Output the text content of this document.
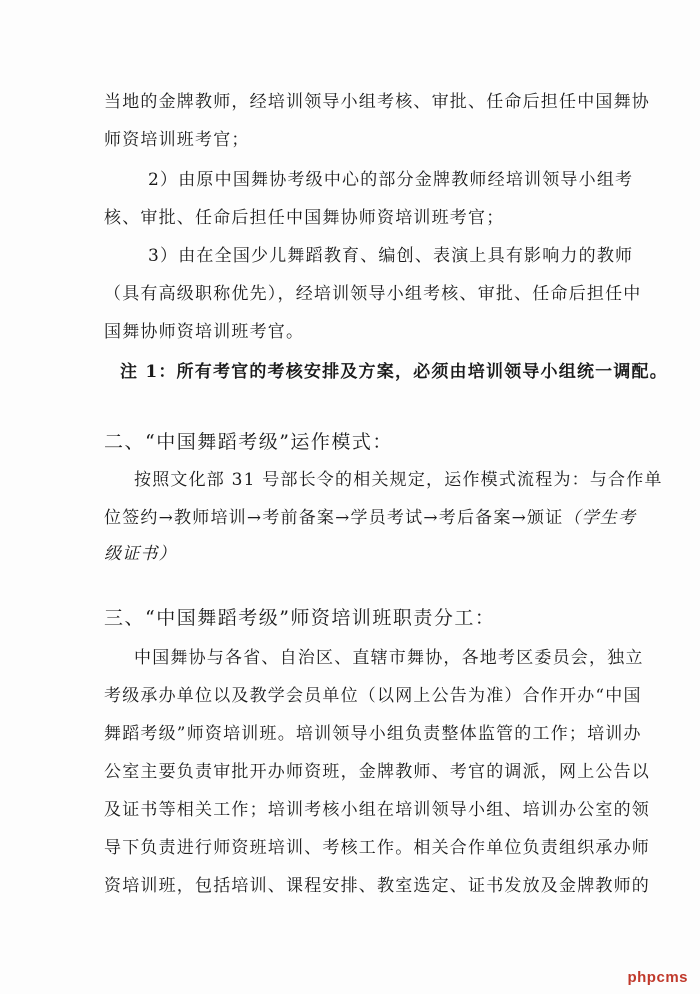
当地的金牌教师，经培训领导小组考核、审批、任命后担任中国舞协
师资培训班考官；
2）由原中国舞协考级中心的部分金牌教师经培训领导小组考
核、审批、任命后担任中国舞协师资培训班考官；
3）由在全国少儿舞蹈教育、编创、表演上具有影响力的教师
（具有高级职称优先），经培训领导小组考核、审批、任命后担任中
国舞协师资培训班考官。
注 1：所有考官的考核安排及方案，必须由培训领导小组统一调配。
二、“中国舞蹈考级”运作模式：
按照文化部 31 号部长令的相关规定，运作模式流程为：与合作单
位签约→教师培训→考前备案→学员考试→考后备案→颁证（学生考
级证书）
三、“中国舞蹈考级”师资培训班职责分工：
中国舞协与各省、自治区、直辖市舞协，各地考区委员会，独立
考级承办单位以及教学会员单位（以网上公告为准）合作开办“中国
舞蹈考级”师资培训班。培训领导小组负责整体监管的工作；培训办
公室主要负责审批开办师资班，金牌教师、考官的调派，网上公告以
及证书等相关工作；培训考核小组在培训领导小组、培训办公室的领
导下负责进行师资班培训、考核工作。相关合作单位负责组织承办师
资培训班，包括培训、课程安排、教室选定、证书发放及金牌教师的
phpcms
